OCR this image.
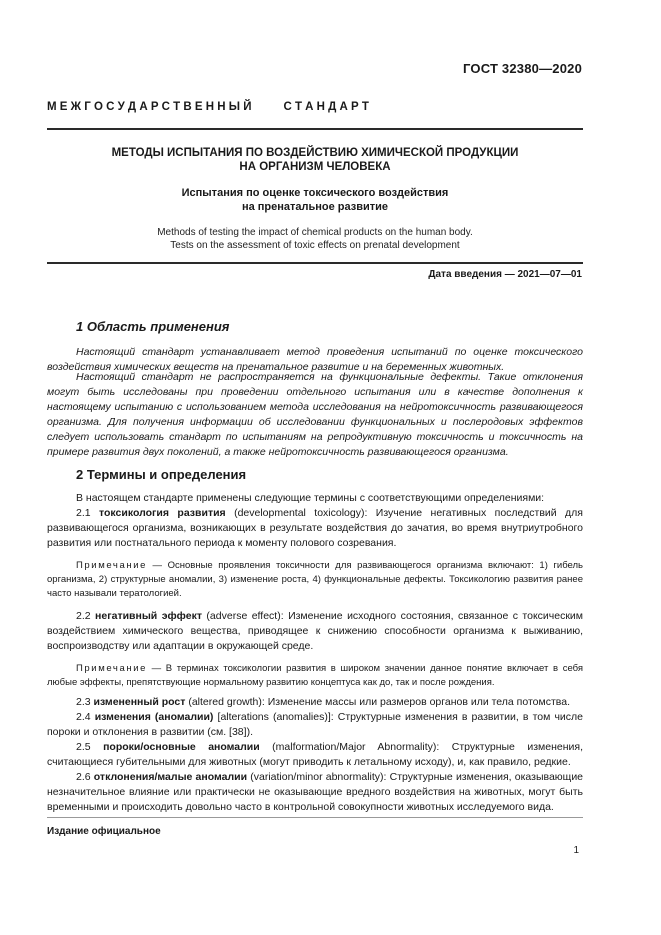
ГОСТ 32380—2020
М Е Ж Г О С У Д А Р С Т В Е Н Н Ы Й          С Т А Н Д А Р Т
МЕТОДЫ ИСПЫТАНИЯ ПО ВОЗДЕЙСТВИЮ ХИМИЧЕСКОЙ ПРОДУКЦИИ
НА ОРГАНИЗМ ЧЕЛОВЕКА
Испытания по оценке токсического воздействия
на пренатальное развитие
Methods of testing the impact of chemical products on the human body.
Tests on the assessment of toxic effects on prenatal development
Дата введения — 2021—07—01
1 Область применения

Настоящий стандарт устанавливает метод проведения испытаний по оценке токсического воздействия химических веществ на пренатальное развитие и на беременных животных.

Настоящий стандарт не распространяется на функциональные дефекты. Такие отклонения могут быть исследованы при проведении отдельного испытания или в качестве дополнения к настоящему испытанию с использованием метода исследования на нейротоксичность развивающегося организма. Для получения информации об исследовании функциональных и послеродовых эффектов следует использовать стандарт по испытаниям на репродуктивную токсичность и токсичность на примере развития двух поколений, а также нейротоксичность развивающегося организма.

2 Термины и определения

В настоящем стандарте применены следующие термины с соответствующими определениями:

2.1 токсикология развития (developmental toxicology): Изучение негативных последствий для развивающегося организма, возникающих в результате воздействия до зачатия, во время внутриутробного развития или постнатального периода к моменту полового созревания.

Примечание — Основные проявления токсичности для развивающегося организма включают: 1) гибель организма, 2) структурные аномалии, 3) изменение роста, 4) функциональные дефекты. Токсикологию развития ранее часто называли тератологией.

2.2 негативный эффект (adverse effect): Изменение исходного состояния, связанное с токсическим воздействием химического вещества, приводящее к снижению способности организма к выживанию, воспроизводству или адаптации в окружающей среде.

Примечание — В терминах токсикологии развития в широком значении данное понятие включает в себя любые эффекты, препятствующие нормальному развитию концептуса как до, так и после рождения.

2.3 измененный рост (altered growth): Изменение массы или размеров органов или тела потомства.

2.4 изменения (аномалии) [alterations (anomalies)]: Структурные изменения в развитии, в том числе пороки и отклонения в развитии (см. [38]).

2.5 пороки/основные аномалии (malformation/Major Abnormality): Структурные изменения, считающиеся губительными для животных (могут приводить к летальному исходу), и, как правило, редкие.

2.6 отклонения/малые аномалии (variation/minor abnormality): Структурные изменения, оказывающие незначительное влияние или практически не оказывающие вредного воздействия на животных, могут быть временными и происходить довольно часто в контрольной совокупности животных исследуемого вида.

Издание официальное
1
